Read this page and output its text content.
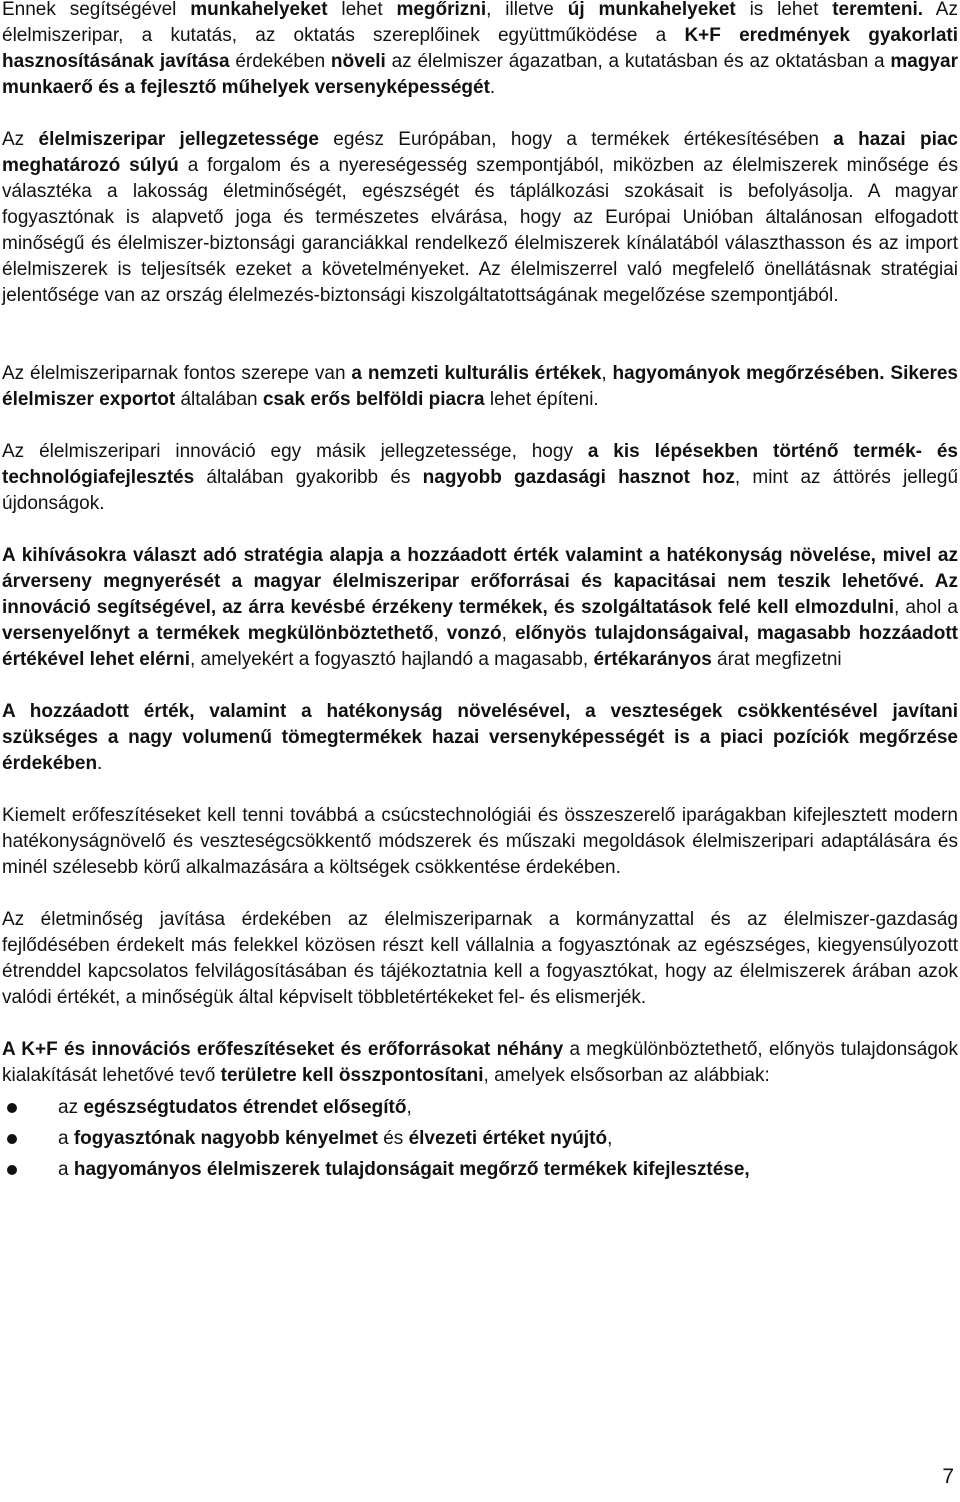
Ennek segítségével munkahelyeket lehet megőrizni, illetve új munkahelyeket is lehet teremteni. Az élelmiszeripar, a kutatás, az oktatás szereplőinek együttműködése a K+F eredmények gyakorlati hasznosításának javítása érdekében növeli az élelmiszer ágazatban, a kutatásban és az oktatásban a magyar munkaerő és a fejlesztő műhelyek versenyképességét.

Az élelmiszeripar jellegzetessége egész Európában, hogy a termékek értékesítésében a hazai piac meghatározó súlyú a forgalom és a nyereségesség szempontjából, miközben az élelmiszerek minősége és választéka a lakosság életminőségét, egészségét és táplálkozási szokásait is befolyásolja. A magyar fogyasztónak is alapvető joga és természetes elvárása, hogy az Európai Unióban általánosan elfogadott minőségű és élelmiszer-biztonsági garanciákkal rendelkező élelmiszerek kínálatából választhasson és az import élelmiszerek is teljesítsék ezeket a követelményeket. Az élelmiszerrel való megfelelő önellátásnak stratégiai jelentősége van az ország élelmezés-biztonsági kiszolgáltatottságának megelőzése szempontjából.

Az élelmiszeriparnak fontos szerepe van a nemzeti kulturális értékek, hagyományok megőrzésében. Sikeres élelmiszer exportot általában csak erős belföldi piacra lehet építeni.

Az élelmiszeripari innováció egy másik jellegzetessége, hogy a kis lépésekben történő termék- és technológiafejlesztés általában gyakoribb és nagyobb gazdasági hasznot hoz, mint az áttörés jellegű újdonságok.

A kihívásokra választ adó stratégia alapja a hozzáadott érték valamint a hatékonyság növelése, mivel az árverseny megnyerését a magyar élelmiszeripar erőforrásai és kapacitásai nem teszik lehetővé. Az innováció segítségével, az árra kevésbé érzékeny termékek, és szolgáltatások felé kell elmozdulni, ahol a versenyelőnyt a termékek megkülönböztethető, vonzó, előnyös tulajdonságaival, magasabb hozzáadott értékével lehet elérni, amelyekért a fogyasztó hajlandó a magasabb, értékarányos árat megfizetni

A hozzáadott érték, valamint a hatékonyság növelésével, a veszteségek csökkentésével javítani szükséges a nagy volumenű tömegtermékek hazai versenyképességét is a piaci pozíciók megőrzése érdekében.

Kiemelt erőfeszítéseket kell tenni továbbá a csúcstechnológiái és összeszerelő iparágakban kifejlesztett modern hatékonyságnövelő és veszteségcsökkentő módszerek és műszaki megoldások élelmiszeripari adaptálására és minél szélesebb körű alkalmazására a költségek csökkentése érdekében.

Az életminőség javítása érdekében az élelmiszeriparnak a kormányzattal és az élelmiszer-gazdaság fejlődésében érdekelt más felekkel közösen részt kell vállalnia a fogyasztónak az egészséges, kiegyensúlyozott étrenddel kapcsolatos felvilágosításában és tájékoztatnia kell a fogyasztókat, hogy az élelmiszerek árában azok valódi értékét, a minőségük által képviselt többletértékeket fel- és elismerjék.

A K+F és innovációs erőfeszítéseket és erőforrásokat néhány a megkülönböztethető, előnyös tulajdonságok kialakítását lehetővé tevő területre kell összpontosítani, amelyek elsősorban az alábbiak:

az egészségtudatos étrendet elősegítő,
a fogyasztónak nagyobb kényelmet és élvezeti értéket nyújtó,
a hagyományos élelmiszerek tulajdonságait megőrző termékek kifejlesztése,
7
